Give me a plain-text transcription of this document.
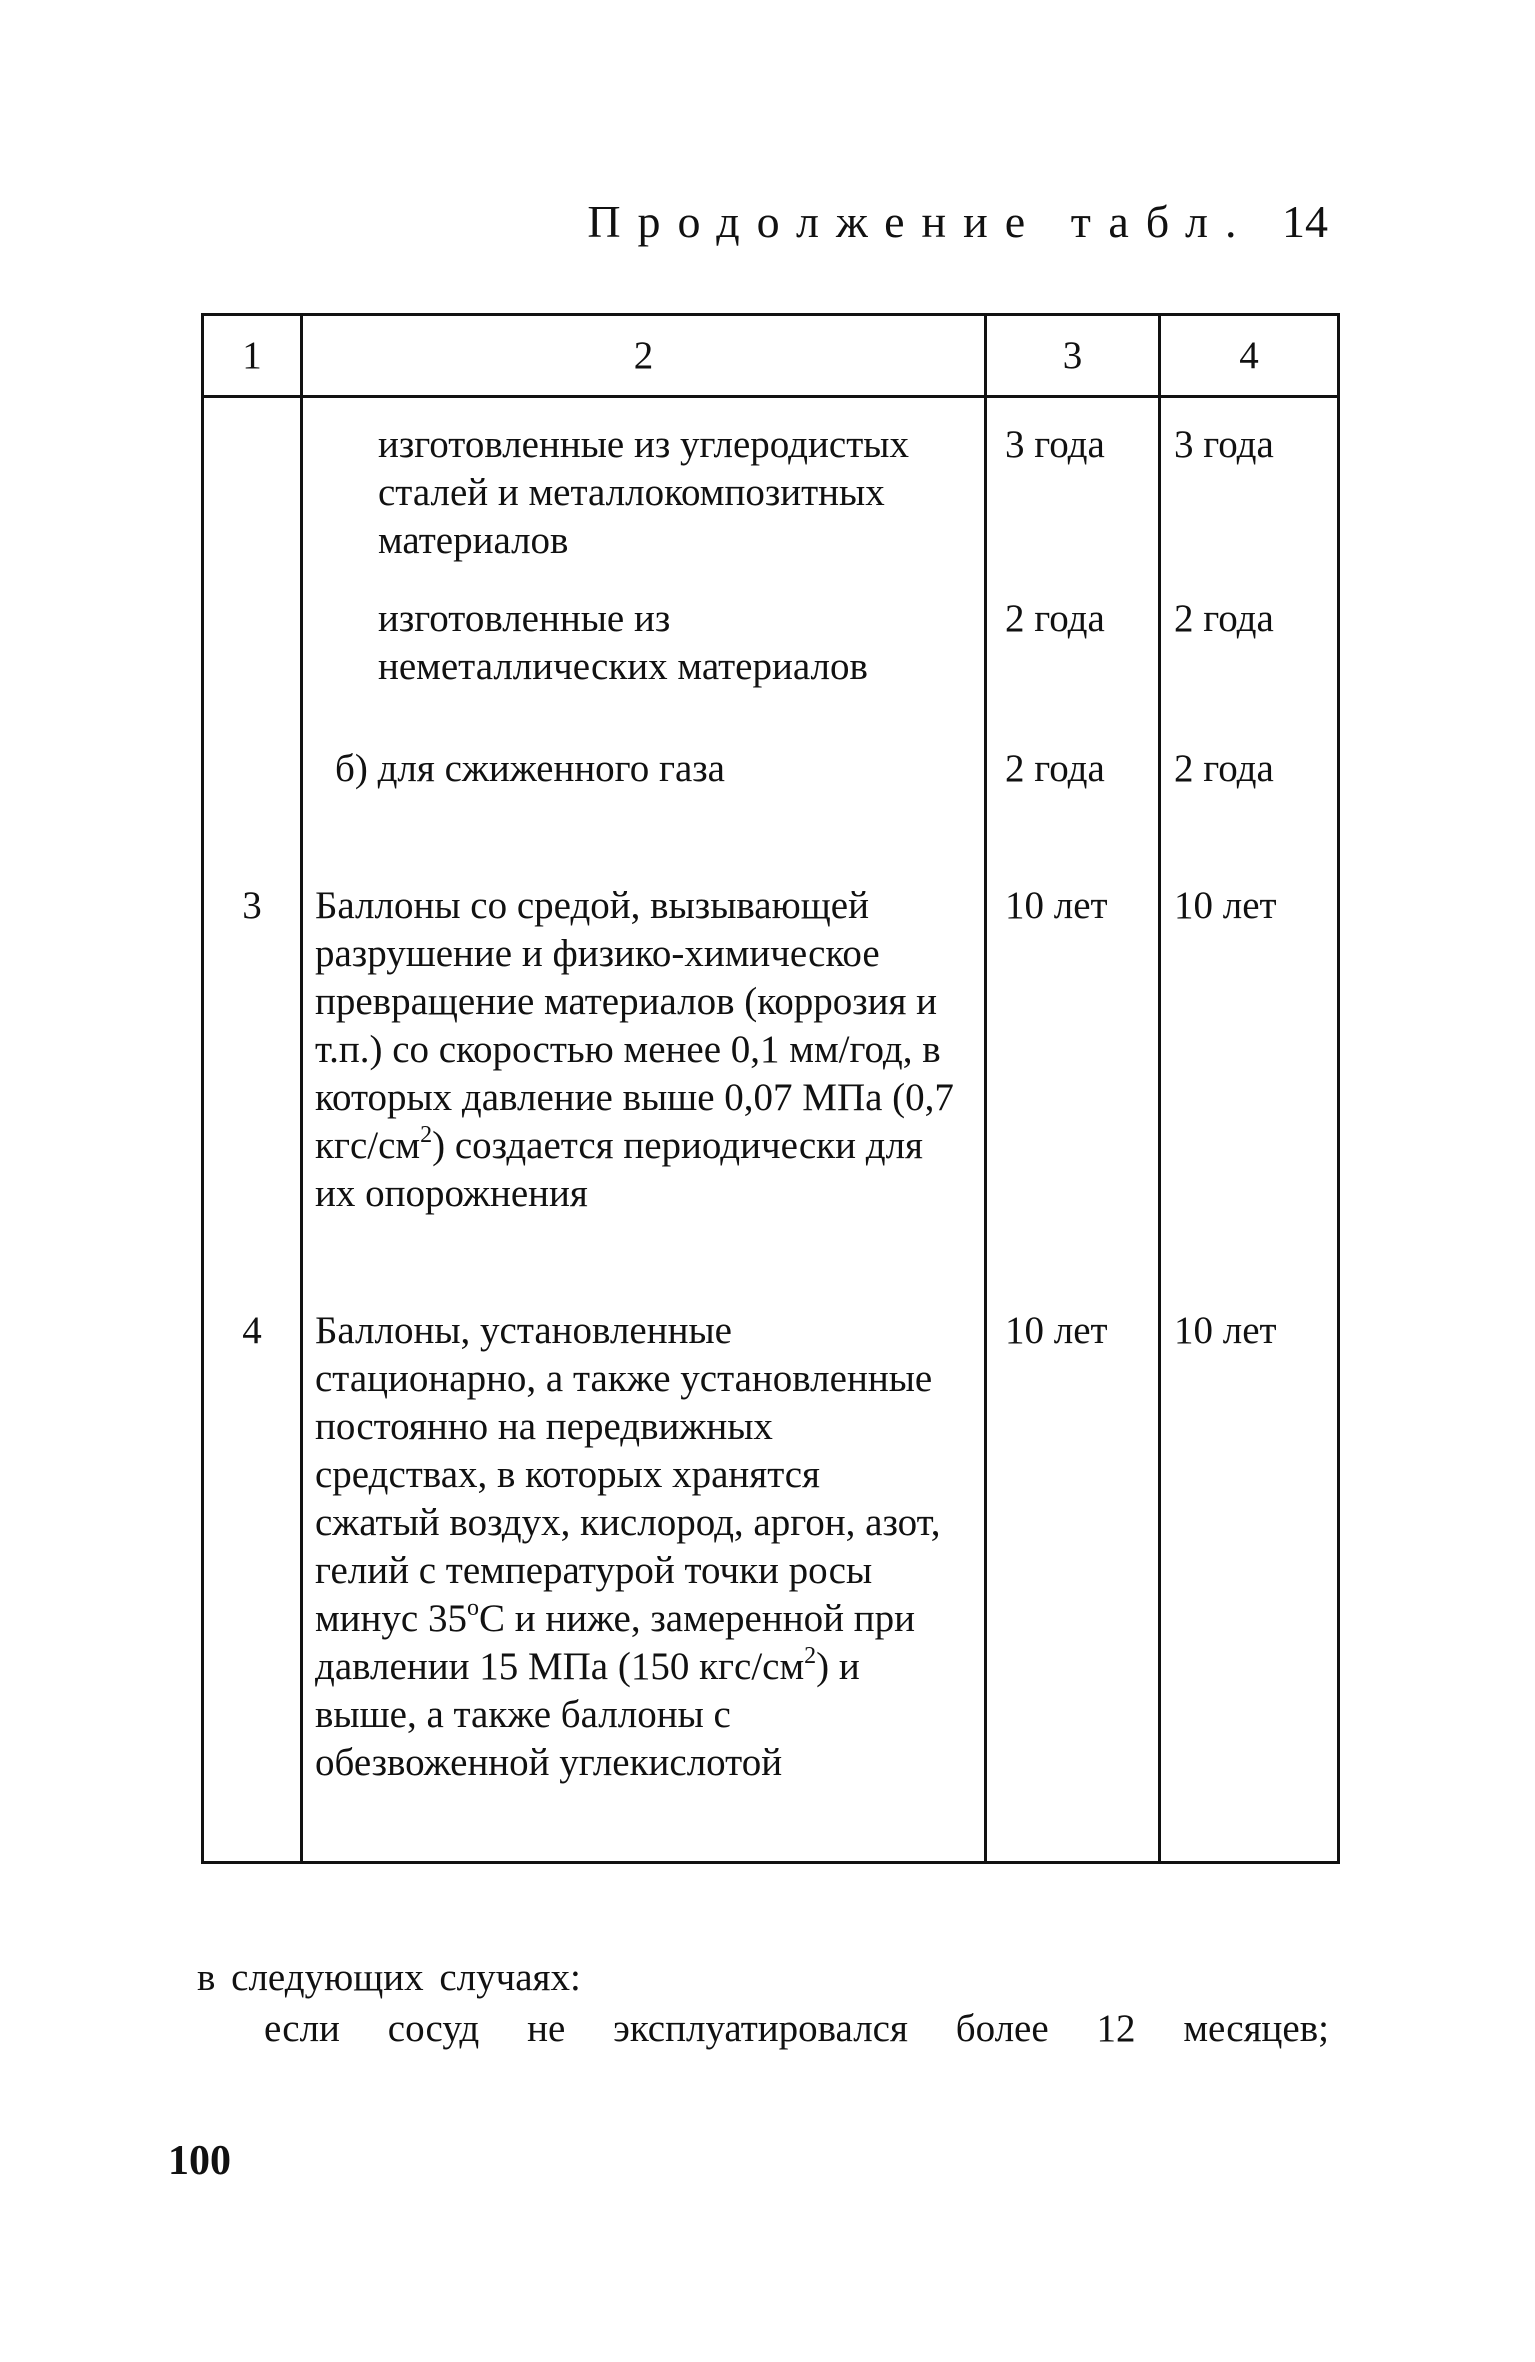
Продолжение табл. 14
1	2	3	4

	изготовленные из углеродистых сталей и металлокомпозитных материалов	3 года	3 года

	изготовленные из неметаллических материалов	2 года	2 года

	б) для сжиженного газа	2 года	2 года

3	Баллоны со средой, вызывающей разрушение и физико-химическое превращение материалов (коррозия и т.п.) со скоростью менее 0,1 мм/год, в которых давление выше 0,07 МПа (0,7 кгс/$см^2$) создается периодически для их опорожнения	10 лет	10 лет

4	Баллоны, установленные стационарно, а также установленные постоянно на передвижных средствах, в которых хранятся сжатый воздух, кислород, аргон, азот, гелий с температурой точки росы минус $35^оС$ и ниже, замеренной при давлении 15 МПа (150 кгс/$см^2$) и выше, а также баллоны с обезвоженной углекислотой	10 лет	10 лет
в следующих случаях:
если сосуд не эксплуатировался более 12 месяцев;
100
